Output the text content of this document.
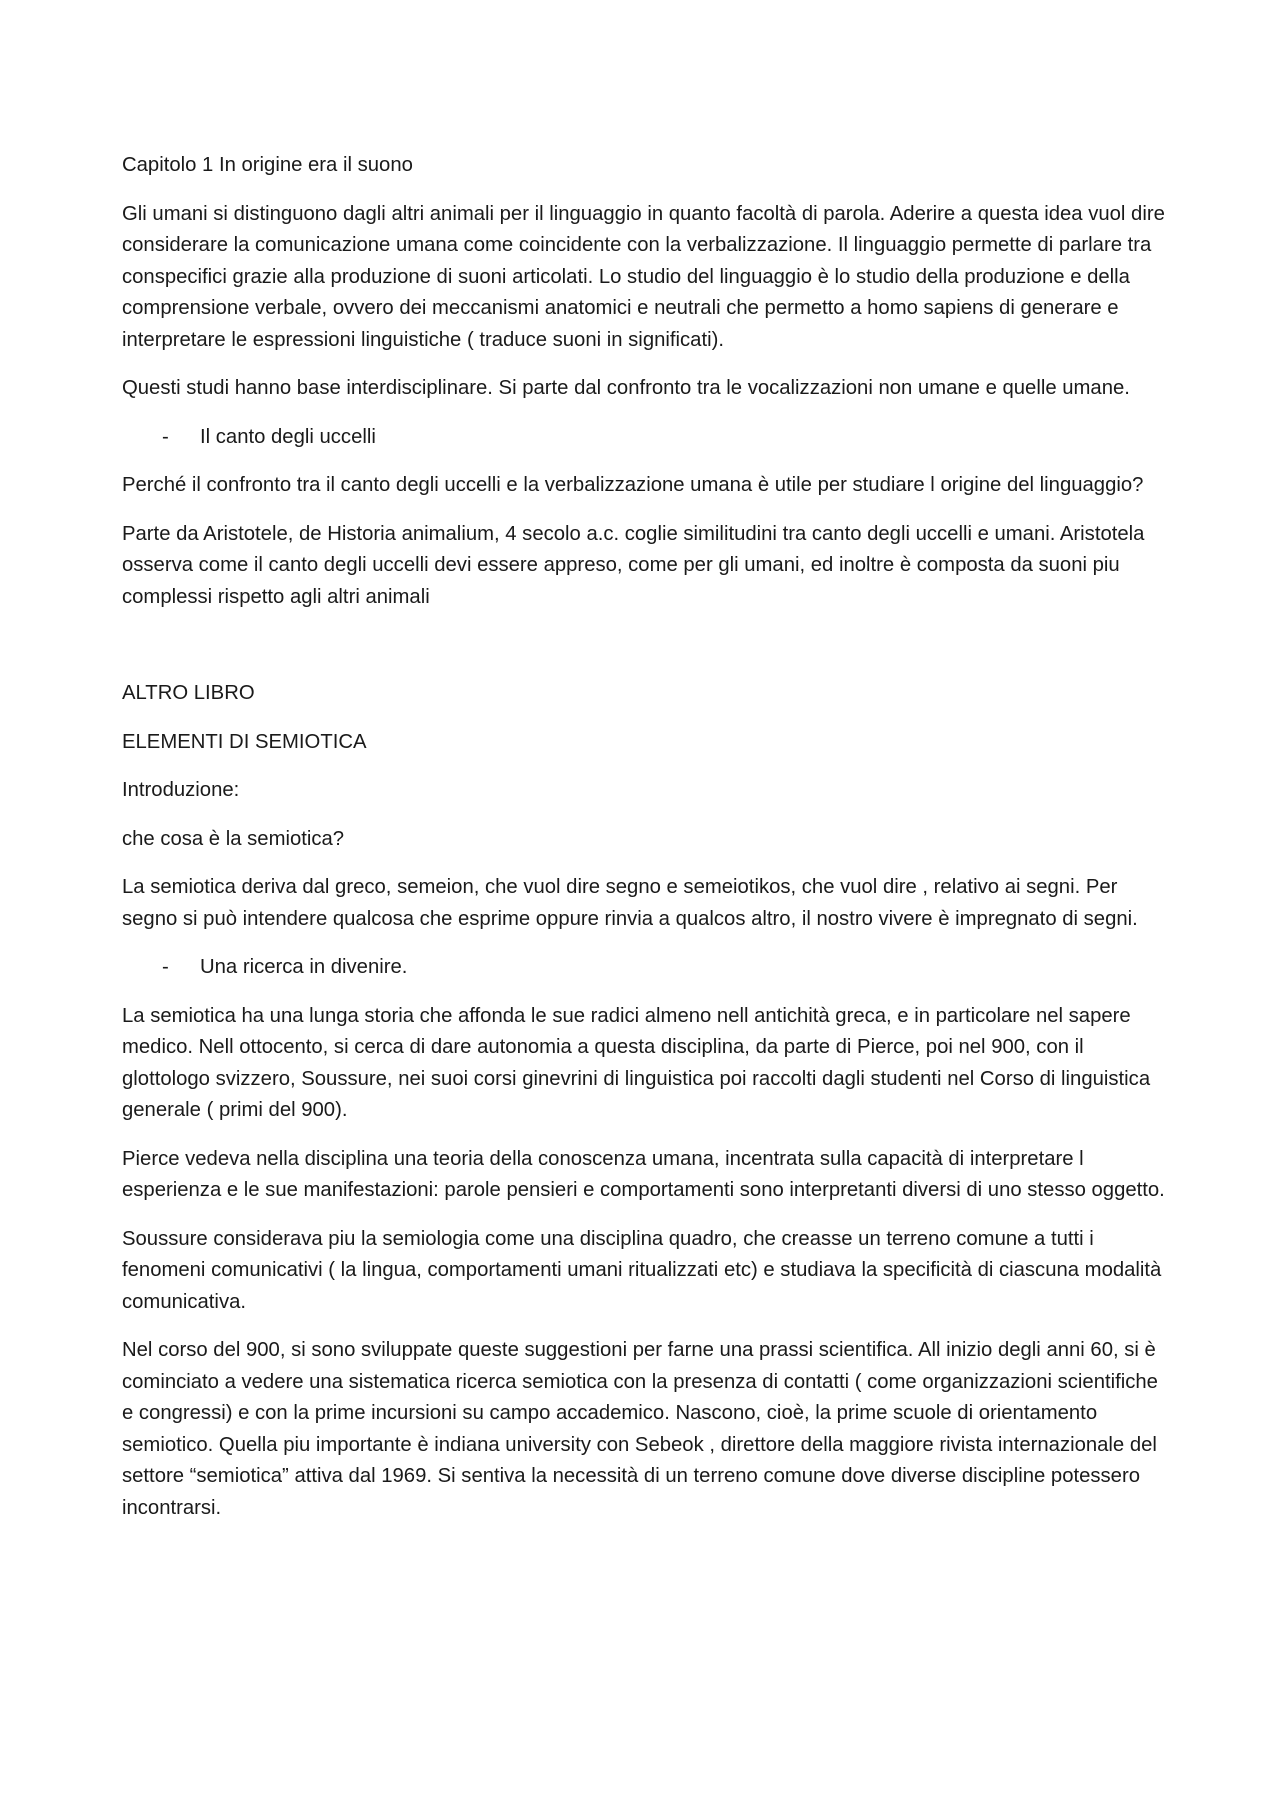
Capitolo 1 In origine era il suono

Gli umani si distinguono dagli altri animali per il linguaggio in quanto facoltà di parola. Aderire a questa idea vuol dire considerare la comunicazione umana come coincidente con la verbalizzazione. Il linguaggio permette di parlare tra conspecifici grazie alla produzione di suoni articolati. Lo studio del linguaggio è lo studio della produzione e della comprensione verbale, ovvero dei meccanismi anatomici e neutrali che permetto a homo sapiens di generare e interpretare le espressioni linguistiche ( traduce suoni in significati).

Questi studi hanno base interdisciplinare. Si parte dal confronto tra le vocalizzazioni non umane e quelle umane.

- Il canto degli uccelli

Perché il confronto tra il canto degli uccelli e la verbalizzazione umana è utile per studiare l origine del linguaggio?

Parte da Aristotele, de Historia animalium, 4 secolo a.c. coglie similitudini tra canto degli uccelli e umani. Aristotela osserva come il canto degli uccelli devi essere appreso, come per gli umani, ed inoltre è composta da suoni piu complessi rispetto agli altri animali

ALTRO LIBRO

ELEMENTI DI SEMIOTICA

Introduzione:

che cosa è la semiotica?

La semiotica deriva dal greco, semeion, che vuol dire segno e semeiotikos, che vuol dire , relativo ai segni. Per segno si può intendere qualcosa che esprime oppure rinvia a qualcos altro, il nostro vivere è impregnato di segni.

- Una ricerca in divenire.

La semiotica ha una lunga storia che affonda le sue radici almeno nell antichità greca, e in particolare nel sapere medico. Nell ottocento, si cerca di dare autonomia a questa disciplina, da parte di Pierce, poi nel 900, con il glottologo svizzero, Soussure, nei suoi corsi ginevrini di linguistica poi raccolti dagli studenti nel Corso di linguistica generale ( primi del 900).

Pierce vedeva nella disciplina una teoria della conoscenza umana, incentrata sulla capacità di interpretare l esperienza e le sue manifestazioni: parole pensieri e comportamenti sono interpretanti diversi di uno stesso oggetto.

Soussure considerava piu la semiologia come una disciplina quadro, che creasse un terreno comune a tutti i fenomeni comunicativi ( la lingua, comportamenti umani ritualizzati etc) e studiava la specificità di ciascuna modalità comunicativa.

Nel corso del 900, si sono sviluppate queste suggestioni per farne una prassi scientifica. All inizio degli anni 60, si è cominciato a vedere una sistematica ricerca semiotica con la presenza di contatti ( come organizzazioni scientifiche e congressi) e con la prime incursioni su campo accademico. Nascono, cioè, la prime scuole di orientamento semiotico. Quella piu importante è indiana university con Sebeok , direttore della maggiore rivista internazionale del settore “semiotica” attiva dal 1969. Si sentiva la necessità di un terreno comune dove diverse discipline potessero incontrarsi.
